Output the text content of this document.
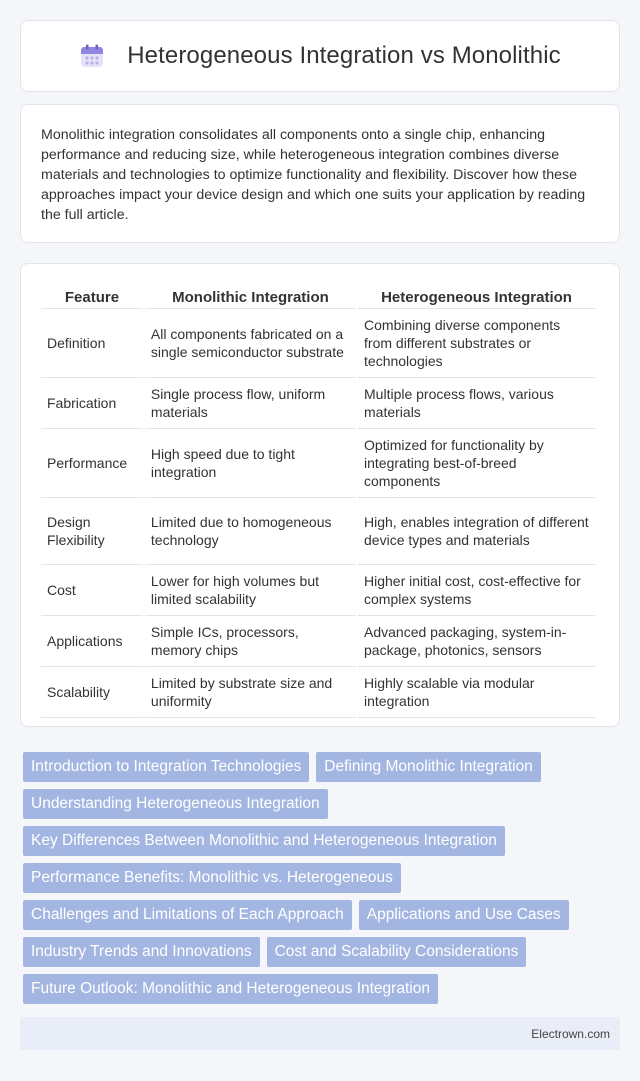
Heterogeneous Integration vs Monolithic

Monolithic integration consolidates all components onto a single chip, enhancing performance and reducing size, while heterogeneous integration combines diverse materials and technologies to optimize functionality and flexibility. Discover how these approaches impact your device design and which one suits your application by reading the full article.

Feature	Monolithic Integration	Heterogeneous Integration
Definition	All components fabricated on a single semiconductor substrate	Combining diverse components from different substrates or technologies
Fabrication	Single process flow, uniform materials	Multiple process flows, various materials
Performance	High speed due to tight integration	Optimized for functionality by integrating best-of-breed components
Design Flexibility	Limited due to homogeneous technology	High, enables integration of different device types and materials
Cost	Lower for high volumes but limited scalability	Higher initial cost, cost-effective for complex systems
Applications	Simple ICs, processors, memory chips	Advanced packaging, system-in-package, photonics, sensors
Scalability	Limited by substrate size and uniformity	Highly scalable via modular integration
Introduction to Integration Technologies	Defining Monolithic Integration
Understanding Heterogeneous Integration
Key Differences Between Monolithic and Heterogeneous Integration
Performance Benefits: Monolithic vs. Heterogeneous
Challenges and Limitations of Each Approach	Applications and Use Cases
Industry Trends and Innovations	Cost and Scalability Considerations
Future Outlook: Monolithic and Heterogeneous Integration
Electrown.com
